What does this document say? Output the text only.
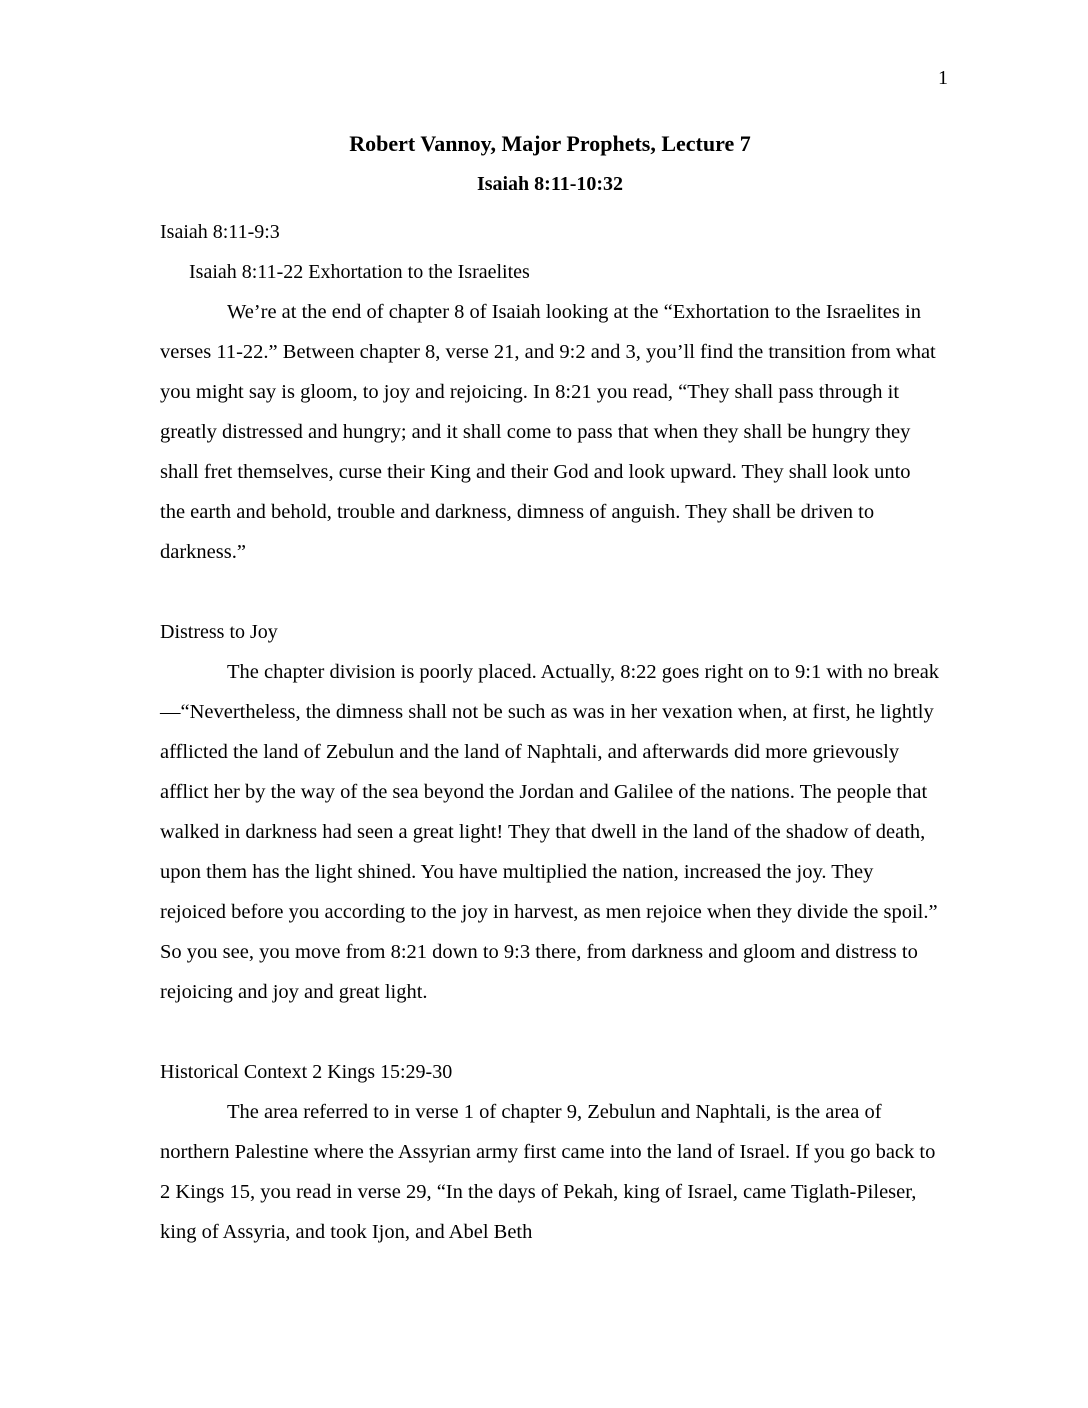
1
Robert Vannoy, Major Prophets, Lecture 7
Isaiah 8:11-10:32

Isaiah 8:11-9:3

Isaiah 8:11-22 Exhortation to the Israelites

We’re at the end of chapter 8 of Isaiah looking at the “Exhortation to the Israelites in verses 11-22.” Between chapter 8, verse 21, and 9:2 and 3, you’ll find the transition from what you might say is gloom, to joy and rejoicing. In 8:21 you read, “They shall pass through it greatly distressed and hungry; and it shall come to pass that when they shall be hungry they shall fret themselves, curse their King and their God and look upward. They shall look unto the earth and behold, trouble and darkness, dimness of anguish. They shall be driven to darkness.”

Distress to Joy

The chapter division is poorly placed. Actually, 8:22 goes right on to 9:1 with no break—“Nevertheless, the dimness shall not be such as was in her vexation when, at first, he lightly afflicted the land of Zebulun and the land of Naphtali, and afterwards did more grievously afflict her by the way of the sea beyond the Jordan and Galilee of the nations. The people that walked in darkness had seen a great light! They that dwell in the land of the shadow of death, upon them has the light shined. You have multiplied the nation, increased the joy. They rejoiced before you according to the joy in harvest, as men rejoice when they divide the spoil.” So you see, you move from 8:21 down to 9:3 there, from darkness and gloom and distress to rejoicing and joy and great light.

Historical Context 2 Kings 15:29-30

The area referred to in verse 1 of chapter 9, Zebulun and Naphtali, is the area of northern Palestine where the Assyrian army first came into the land of Israel. If you go back to 2 Kings 15, you read in verse 29, “In the days of Pekah, king of Israel, came Tiglath-Pileser, king of Assyria, and took Ijon, and Abel Beth
